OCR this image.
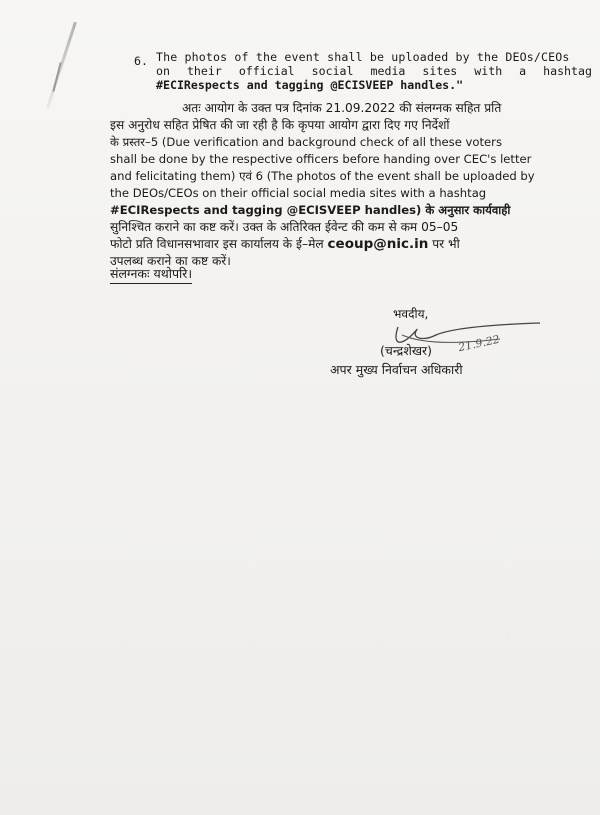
6. The photos of the event shall be uploaded by the DEOs/CEOs
on their official social media sites with a hashtag
#ECIRespects and tagging @ECISVEEP handles."
अतः आयोग के उक्त पत्र दिनांक 21.09.2022 की संलग्नक सहित प्रति
इस अनुरोध सहित प्रेषित की जा रही है कि कृपया आयोग द्वारा दिए गए निर्देशों
के प्रस्तर–5 (Due verification and background check of all these voters
shall be done by the respective officers before handing over CEC's letter
and felicitating them) एवं 6 (The photos of the event shall be uploaded by
the DEOs/CEOs on their official social media sites with a hashtag
#ECIRespects and tagging @ECISVEEP handles) के अनुसार कार्यवाही
सुनिश्चित कराने का कष्ट करें। उक्त के अतिरिक्त ईवेन्ट की कम से कम 05–05
फोटो प्रति विधानसभावार इस कार्यालय के ई–मेल ceoup@nic.in पर भी
उपलब्ध कराने का कष्ट करें।
संलग्नकः यथोपरि।
भवदीय,
21.9.22
(चन्द्रशेखर)
अपर मुख्य निर्वाचन अधिकारी
